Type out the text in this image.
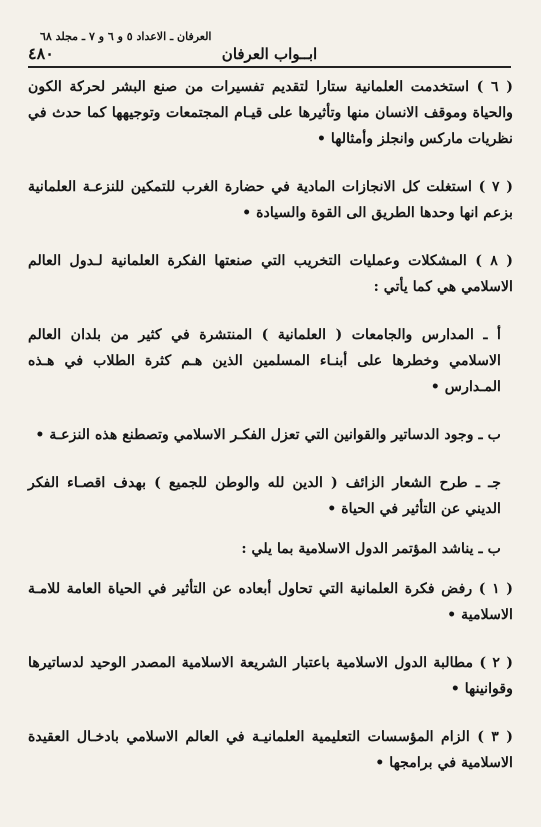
العرفان ـ الاعداد ٥ و ٦ و ٧ ـ مجلد ٦٨
٤٨٠	ابــواب العرفان

( ٦ ) استخدمت العلمانية ستارا لتقديم تفسيرات من صنع البشر لحركة الكون والحياة وموقف الانسان منها وتأثيرها على قيـام المجتمعات وتوجيهها كما حدث في نظريات ماركس وانجلز وأمثالها •

( ٧ ) استغلت كل الانجازات المادية في حضارة الغرب للتمكين للنزعـة العلمانية بزعم انها وحدها الطريق الى القوة والسيادة •

( ٨ ) المشكلات وعمليات التخريب التي صنعتها الفكرة العلمانية لـدول العالم الاسلامي هي كما يأتي :

أ ـ المدارس والجامعات ( العلمانية ) المنتشرة في كثير من بلدان العالم الاسلامي وخطرها على أبنـاء المسلمين الذين هـم كثرة الطلاب في هـذه المـدارس •

ب ـ وجود الدساتير والقوانين التي تعزل الفكـر الاسلامي وتصطنع هذه النزعـة •

جـ ـ طرح الشعار الزائف ( الدين لله والوطن للجميع ) بهدف اقصـاء الفكر الديني عن التأثير في الحياة •

ب ـ يناشد المؤتمر الدول الاسلامية بما يلي :

( ١ ) رفض فكرة العلمانية التي تحاول أبعاده عن التأثير في الحياة العامة للامـة الاسلامية •

( ٢ ) مطالبة الدول الاسلامية باعتبار الشريعة الاسلامية المصدر الوحيد لدساتيرها وقوانينها •

( ٣ ) الزام المؤسسات التعليمية العلمانيـة في العالم الاسلامي بادخـال العقيدة الاسلامية في برامجها •
